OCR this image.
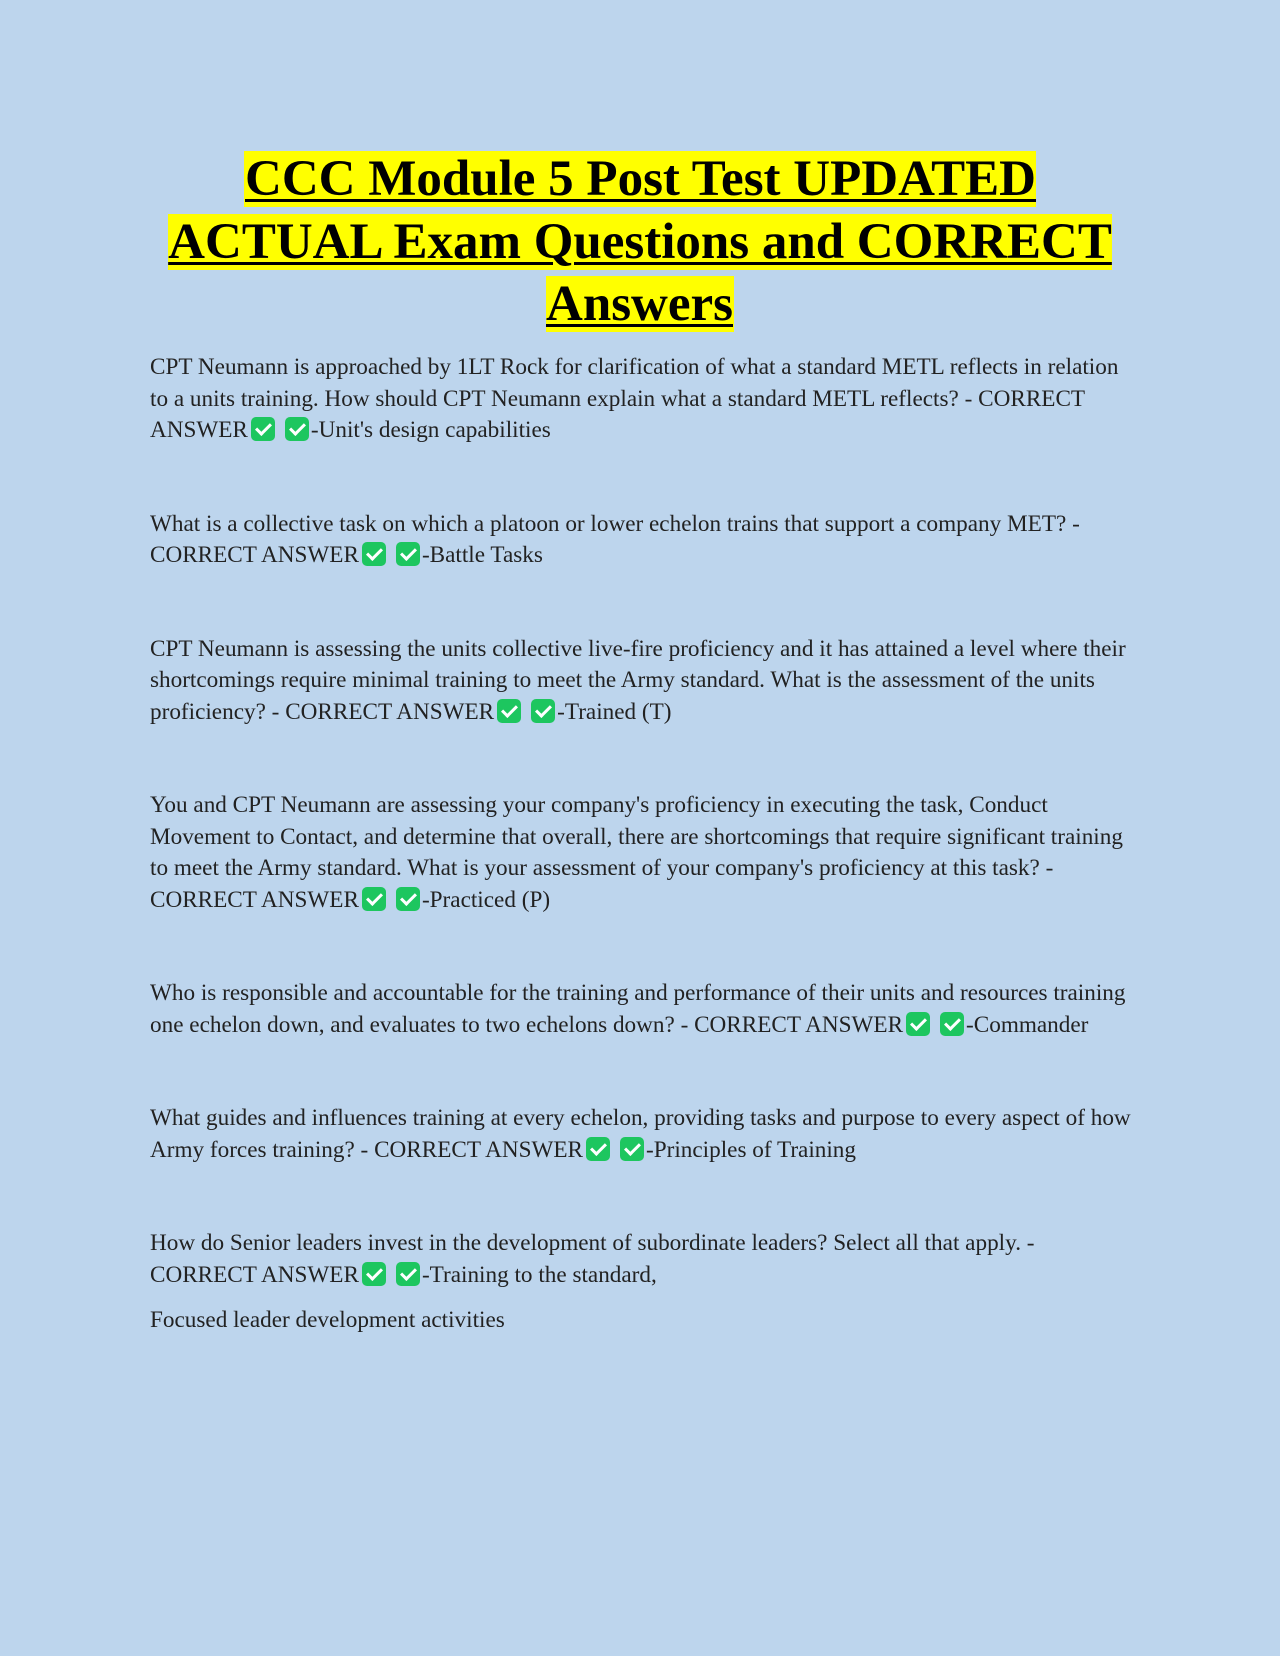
CCC Module 5 Post Test UPDATED ACTUAL Exam Questions and CORRECT Answers

CPT Neumann is approached by 1LT Rock for clarification of what a standard METL reflects in relation to a units training. How should CPT Neumann explain what a standard METL reflects? - CORRECT ANSWER	-Unit's design capabilities

What is a collective task on which a platoon or lower echelon trains that support a company MET? - CORRECT ANSWER	-Battle Tasks

CPT Neumann is assessing the units collective live-fire proficiency and it has attained a level where their shortcomings require minimal training to meet the Army standard. What is the assessment of the units proficiency? - CORRECT ANSWER	-Trained (T)

You and CPT Neumann are assessing your company's proficiency in executing the task, Conduct Movement to Contact, and determine that overall, there are shortcomings that require significant training to meet the Army standard. What is your assessment of your company's proficiency at this task? - CORRECT ANSWER	-Practiced (P)

Who is responsible and accountable for the training and performance of their units and resources training one echelon down, and evaluates to two echelons down? - CORRECT ANSWER	-Commander

What guides and influences training at every echelon, providing tasks and purpose to every aspect of how Army forces training? - CORRECT ANSWER	-Principles of Training

How do Senior leaders invest in the development of subordinate leaders? Select all that apply. - CORRECT ANSWER	-Training to the standard,

Focused leader development activities
